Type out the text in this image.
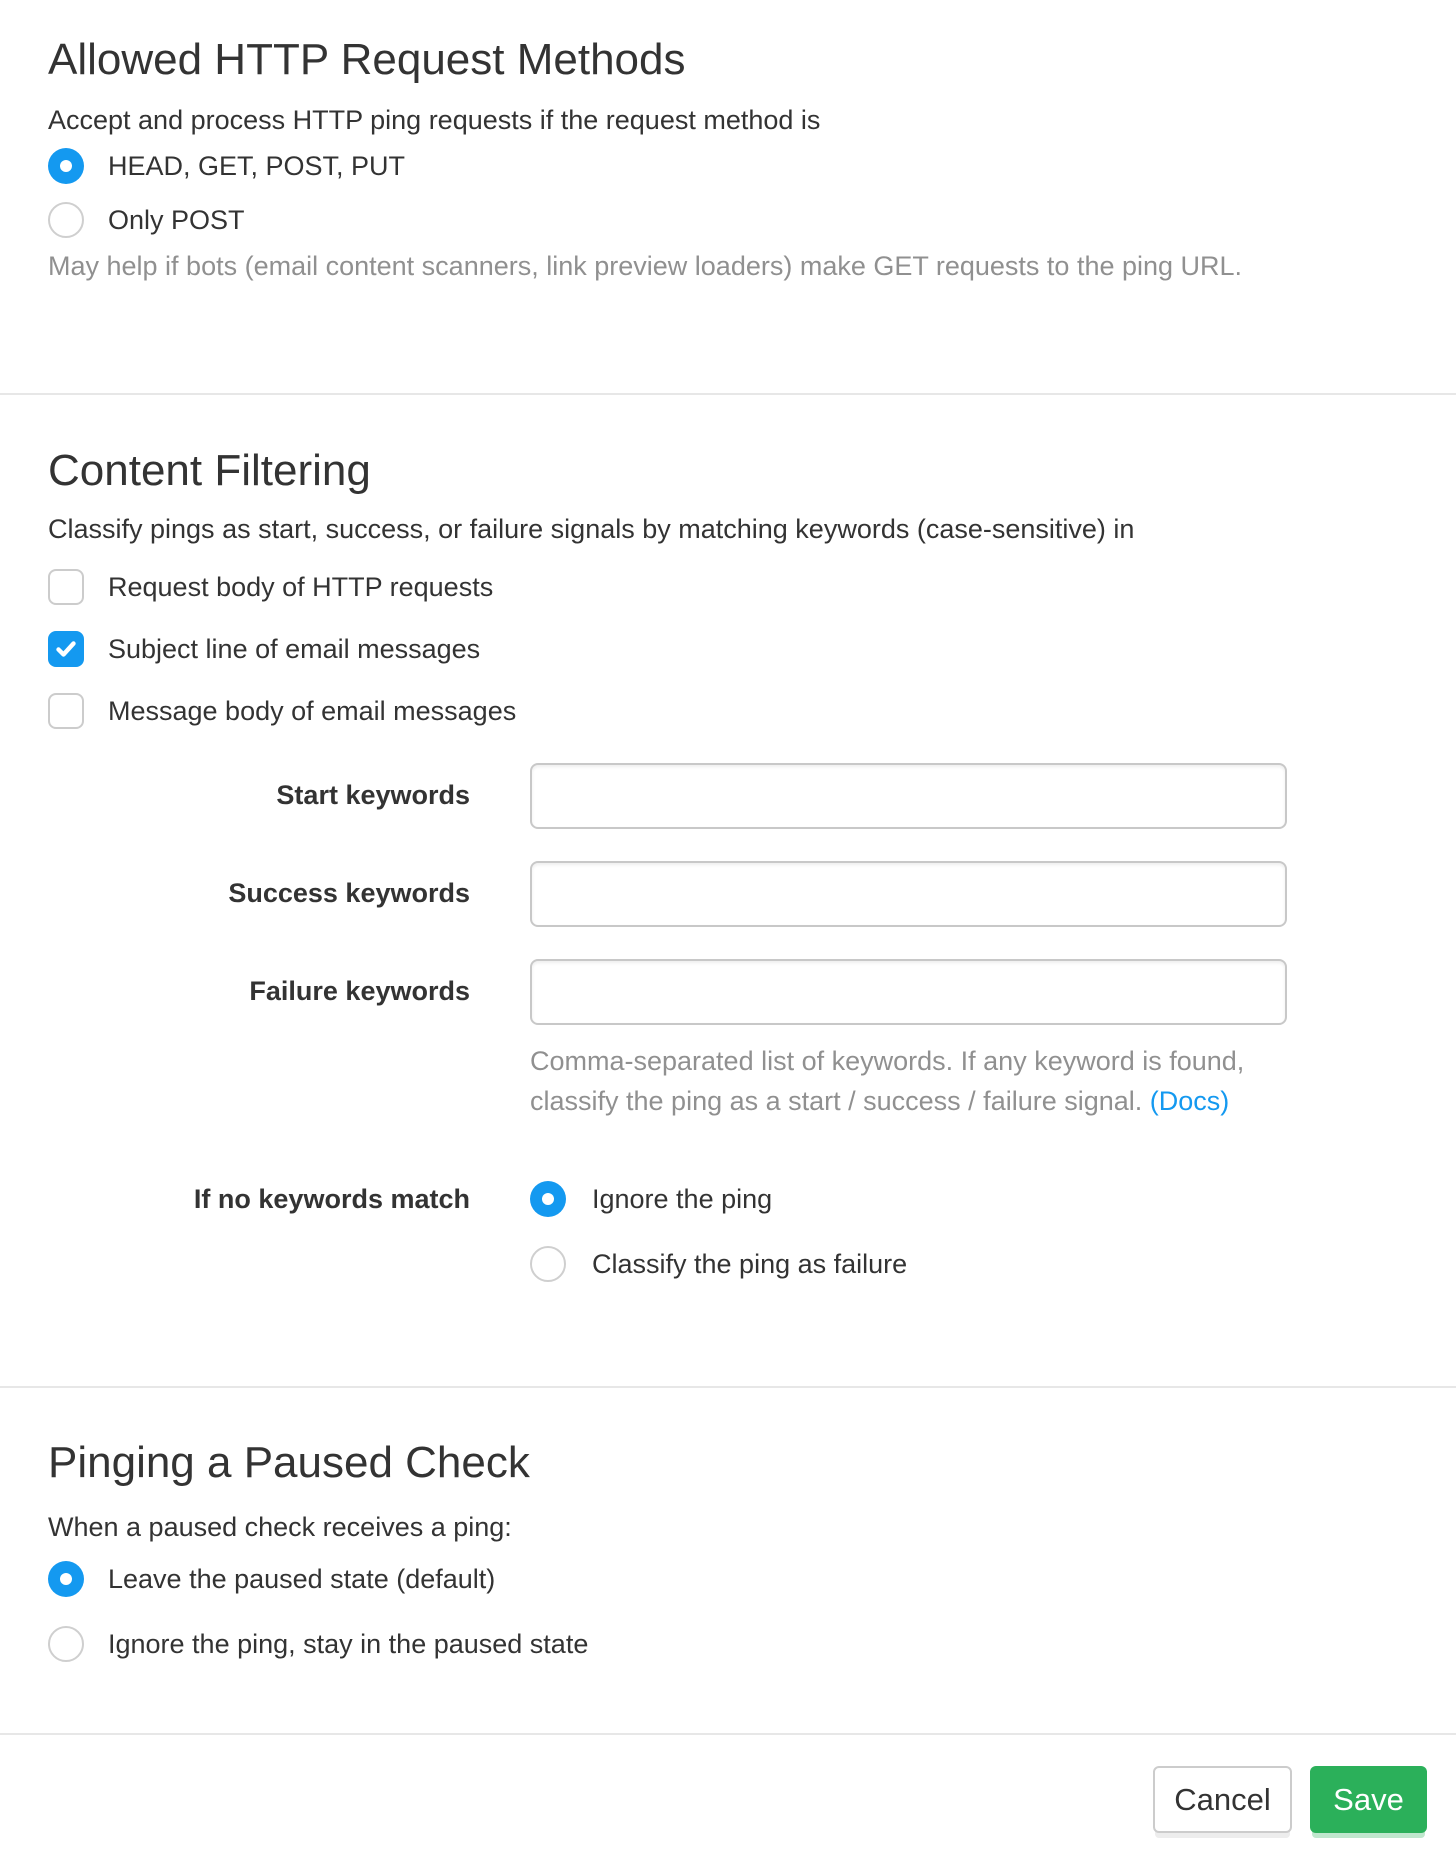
Allowed HTTP Request Methods

Accept and process HTTP ping requests if the request method is

HEAD, GET, POST, PUT
Only POST

May help if bots (email content scanners, link preview loaders) make GET requests to the ping URL.

Content Filtering

Classify pings as start, success, or failure signals by matching keywords (case-sensitive) in

Request body of HTTP requests
Subject line of email messages
Message body of email messages
Start keywords
Success keywords
Failure keywords

Comma-separated list of keywords. If any keyword is found,
classify the ping as a start / success / failure signal. (Docs)

If no keywords match	Ignore the ping
Classify the ping as failure
Pinging a Paused Check

When a paused check receives a ping:

Leave the paused state (default)
Ignore the ping, stay in the paused state
Cancel	Save
